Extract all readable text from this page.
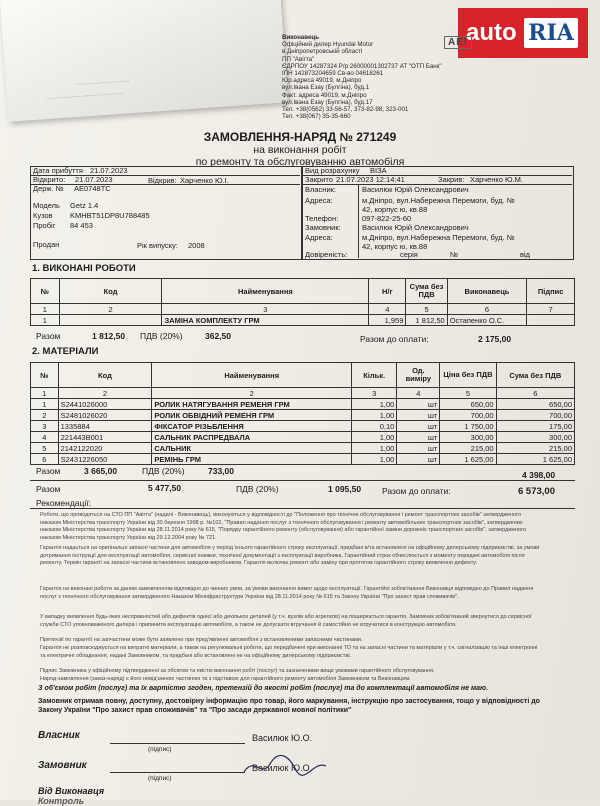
................................
..............................................
auto RIA
Виконавець
Офіційний дилер Hyundai Motor
в Дніпропетровській області
ПП "Авігта"
ЄДРПОУ 14287324 Р/р 26000001302737 АТ "ОТП Банк"
ІПН 142873204659 Св-во 04618261
Юр.адреса 49019, м.Дніпро
вул.Івана Езау (Булгіна), буд.1
Факт. адреса 49019, м.Дніпро
вул.Івана Езау (Булгіна), буд.17
Тел. +38(0562) 33-56-57, 373-82-98, 323-001
Тел. +38(067) 35-35-660
AEI
ЗАМОВЛЕННЯ-НАРЯД № 271249
на виконання робіт
по ремонту та обслуговуванню автомобіля
Дата прибуття 21.07.2023
Відкрито: 21.07.2023	Відкрив: Харченко Ю.І.
Держ. № AE0748TC
Модель Getz 1.4
Кузов KMHBT51DP8U788485
Пробіг 84 453
Продан	Рік випуску: 2008
Вид розрахунку ВІЗА
Закрито 21.07.2023 12:14:41	Закрив: Харченко Ю.М.
Власник:	Василюк Юрій Олександрович
Адреса:	м.Дніпро, вул.Набережна Перемоги, буд. №
42, корпус ю, кв.88
Телефон:	097-822-25-60
Замовник:	Василюк Юрій Олександрович
Адреса:	м.Дніпро, вул.Набережна Перемоги, буд. №
42, корпус ю, кв.88
Довіреність:	серія	№	від
1. ВИКОНАНІ РОБОТИ
№	Код	Найменування	Н/г	Сума без ПДВ	Виконавець	Підпис
1	2	3	4	5	6	7
1		ЗАМІНА КОМПЛЕКТУ ГРМ	1,959	1 812,50	Остапенко О.С.	
Разом	1 812,50 ПДВ (20%)	362,50	Разом до оплати:	2 175,00
2. МАТЕРІАЛИ
№	Код	Найменування	Кільк.	Од. виміру	Ціна без ПДВ	Сума без ПДВ
1	2	2	3	4	5	6
1	S2441026000	РОЛИК НАТЯГУВАННЯ РЕМЕНЯ ГРМ	1,00	шт	650,00	650,00
2	S2481026020	РОЛИК ОБВІДНИЙ РЕМЕНЯ ГРМ	1,00	шт	700,00	700,00
3	1335884	ФІКСАТОР РІЗЬБЛЕННЯ	0,10	шт	1 750,00	175,00
4	221443B001	САЛЬНИК РАСПРЕДВАЛА	1,00	шт	300,00	300,00
5	2142122020	САЛЬНИК	1,00	шт	215,00	215,00
6	S2431226050	РЕМІНЬ ГРМ	1,00	шт	1 625,00	1 625,00
Разом	3 665,00	ПДВ (20%)	733,00	4 398,00
Разом	5 477,50	ПДВ (20%)	1 095,50 Разом до оплати:	6 573,00
Рекомендації:
Роботи, що проводяться на СТО ПП "Авігта" (надалі - Виконавець), виконуються у відповідності до "Положення про технічне обслуговування і ремонт транспортних засобів" затвердженого наказом Міністерства транспорту України від 30 березня 1998 р. №102, "Правил надання послуг з технічного обслуговування і ремонту автомобільних транспортних засобів", затверджених наказом Міністерства транспорту України від 28.11.2014 року № 615, "Порядку гарантійного ремонту (обслуговування) або гарантійної заміни дорожніх транспортних засобів", затвердженого наказом Міністерства транспорту України від 29.12.2004 року № 721.
Гарантія надається на оригінальні запасні частини для автомобіля у період їхнього гарантійного строку експлуатації, придбані в/та встановлені на офіційному дилерському підприємстві, за умови дотримання інструкції для експлуатації автомобіля, сервісної книжки, технічної документації з експлуатації виробника. Гарантійний строк обчислюється з моменту передачі автомобіля після ремонту. Термін гарантії на запасні частини встановлено заводом-виробником. Гарантія включає ремонт або заміну при протягом гарантійного строку виявлення дефекту.
Гарантія на виконані роботи за даним замовленням відповідно до чинних умов, за умови виконання вимог щодо експлуатації. Гарантійні зобов'язання Виконавця відповідно до Правил надання послуг з технічного обслуговування затвердженого Наказом Мінінфраструктури України від 28.11.2014 року № 615 та Закону України "Про захист прав споживачів".
У випадку виявлення будь-яких несправностей або дефектів однієї або декількох деталей (у т.ч. вузлів або агрегатів) на поширюється гарантія, Замовник зобов'язаний звернутися до сервісної служби СТО уповноваженого дилера і припинити експлуатацію автомобіля, а також не допускати втручання й самостійно не втручатися в конструкцію автомобіля.
Претензії по гарантії на запчастини може бути заявлено при пред'явленні автомобіля з встановленими запасними частинами.
Гарантія не розповсюджується на витратні матеріали, а також на регулювальні роботи, що передбачені при виконанні ТО та на запасні частини та матеріали у т.ч. сигналізацію та інші електронні та електричні обладнання, надані Замовником, та придбані або встановлені не на офіційному дилерському підприємстві.
Підпис Замовника у офіційному підтвердженні за обсягом та якістю виконання робіт (послуг) та зазначеними вище умовами гарантійного обслуговування.
Наряд-замовлення (заказ-наряд) є його невід'ємною частиною та з підставою для гарантійного ремонту автомобіля Замовником та Виконавцем.
З об'ємом робіт (послуг) та їх вартістю згоден, претензій до якості робіт (послуг) та до комплектації автомобіля не маю.
Замовник отримав повну, доступну, достовірну інформацію про товар, його маркування, інструкцію про застосування, тощо у відповідності до
Закону України "Про захист прав споживачів" та "Про засади державної мовної політики"
Власник	Василюк Ю.О.
(підпис)
Замовник	Василюк Ю.О.
(підпис)
Від Виконавця
Контроль
